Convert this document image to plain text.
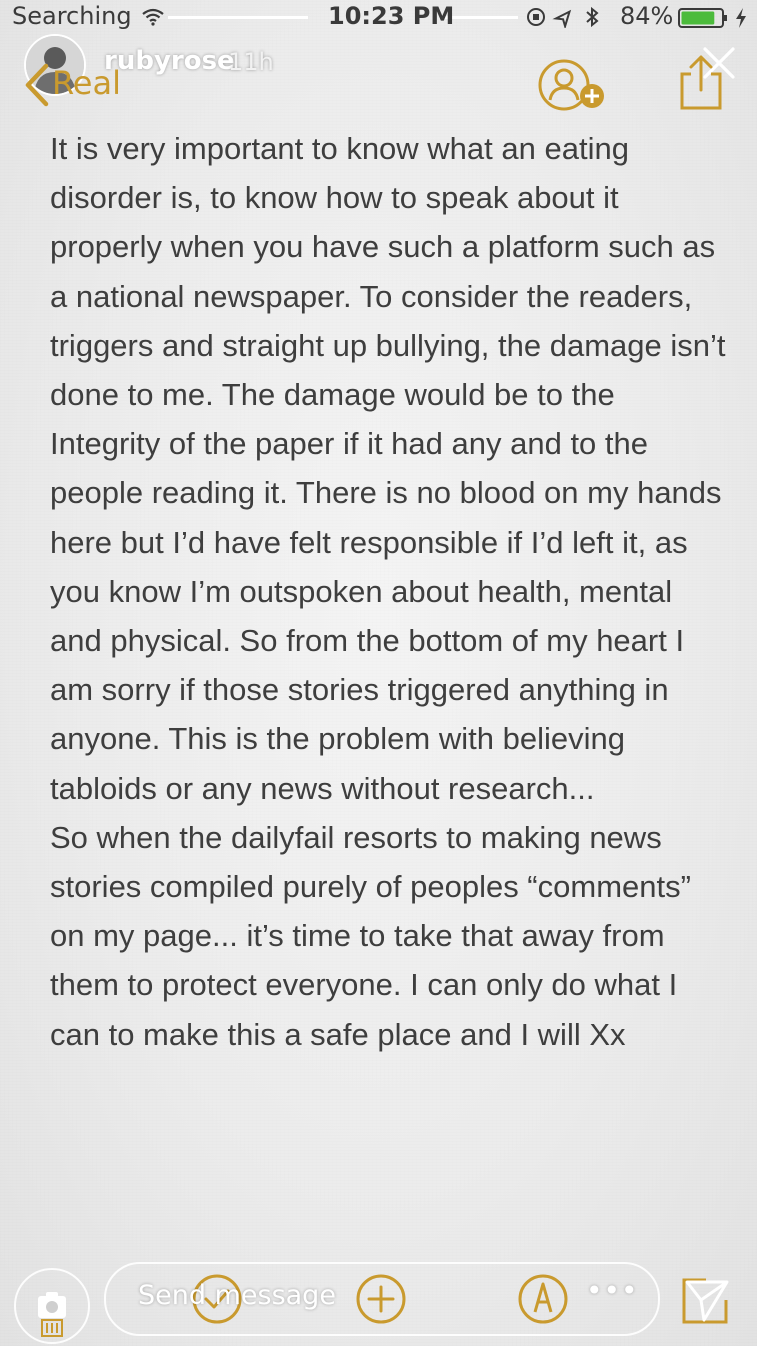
Searching	10:23 PM	84%
rubyrose
11h
Real

It is very important to know what an eating disorder is, to know how to speak about it properly when you have such a platform such as a national newspaper. To consider the readers, triggers and straight up bullying, the damage isn’t done to me. The damage would be to the Integrity of the paper if it had any and to the people reading it. There is no blood on my hands here but I’d have felt responsible if I’d left it, as you know I’m outspoken about health, mental and physical. So from the bottom of my heart I am sorry if those stories triggered anything in anyone. This is the problem with believing tabloids or any news without research...

So when the dailyfail resorts to making news stories compiled purely of peoples “comments” on my page... it’s time to take that away from them to protect everyone. I can only do what I can to make this a safe place and I will Xx

Send message	•••
